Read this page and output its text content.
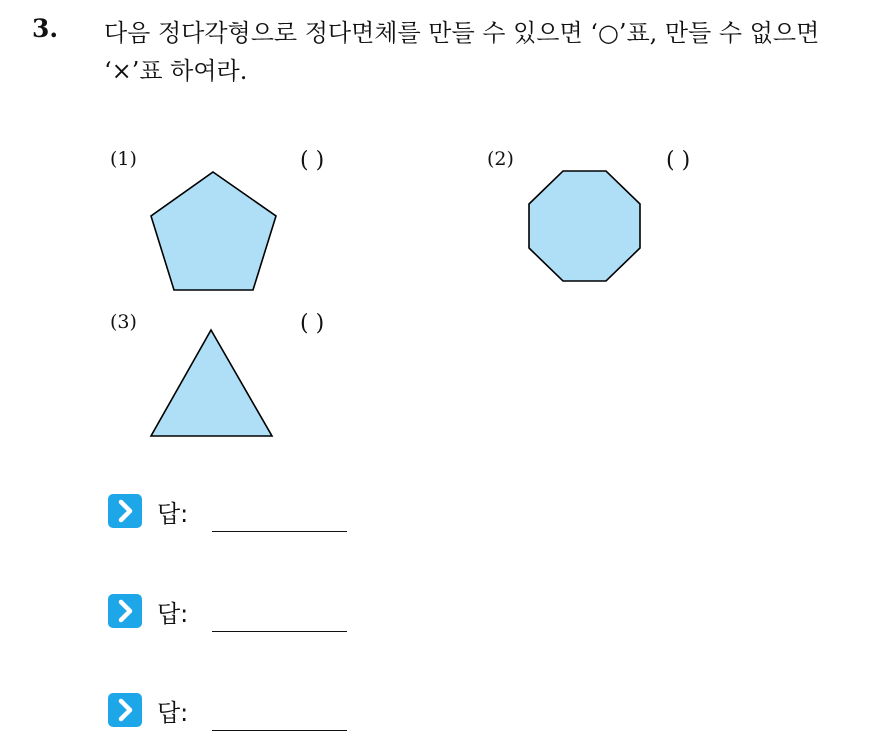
3. 다음 정다각형으로 정다면체를 만들 수 있으면 ‘○’표, 만들 수 없으면 ‘×’표 하여라.
(1)	( )	(2)	( )
(3)	( )
답:
답:
답:
